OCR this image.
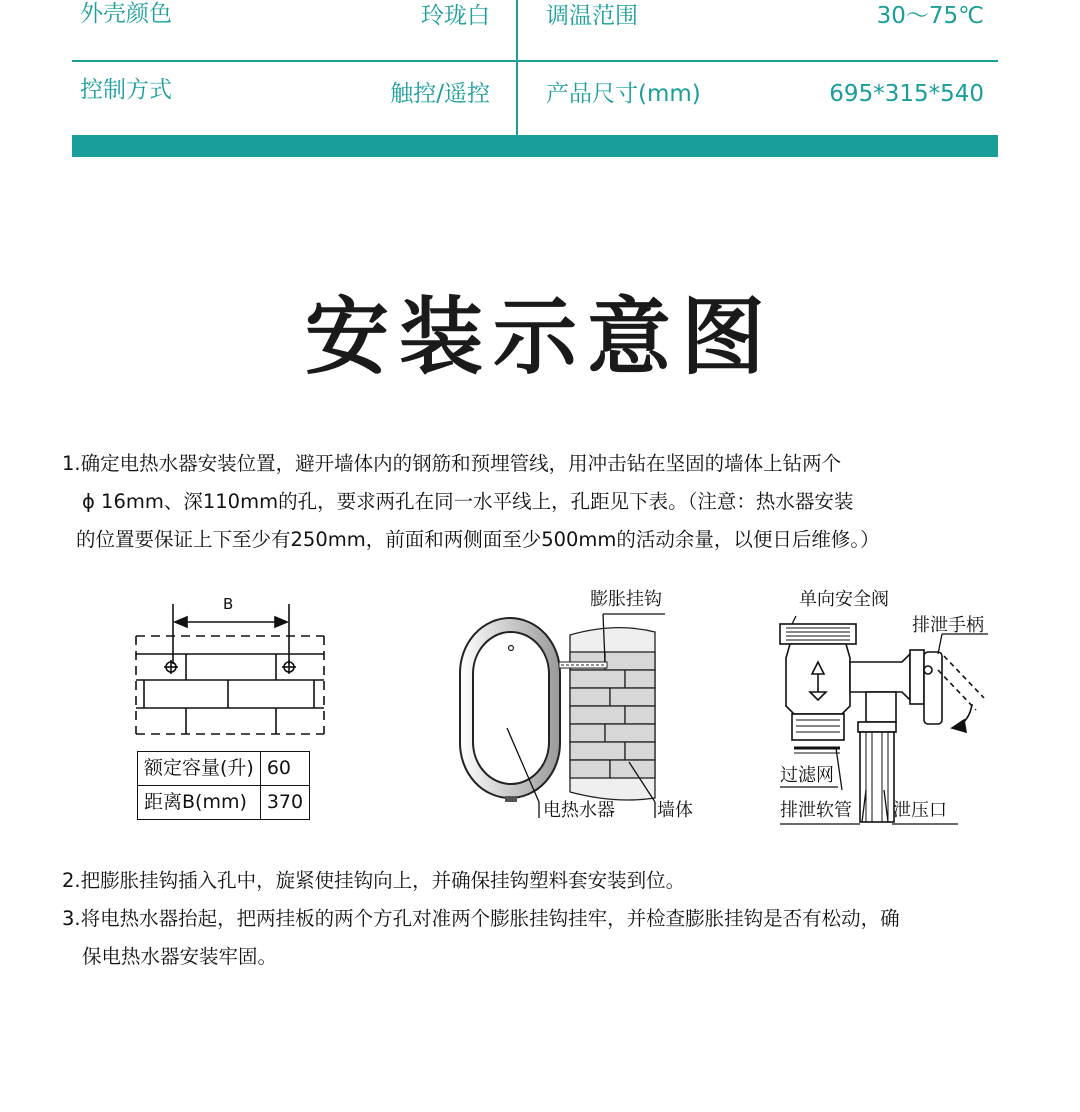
外壳颜色	玲珑白 调温范围	30～75℃
控制方式	触控/遥控 产品尺寸(mm)	695*315*540
安装示意图
1.确定电热水器安装位置，避开墙体内的钢筋和预埋管线，用冲击钻在坚固的墙体上钻两个
ϕ 16mm、深110mm的孔，要求两孔在同一水平线上，孔距见下表。（注意：热水器安装
的位置要保证上下至少有250mm，前面和两侧面至少500mm的活动余量，以便日后维修。）
B
额定容量(升)	60
距离B(mm)	370
膨胀挂钩
电热水器 墙体
单向安全阀
排泄手柄
过滤网
排泄软管 泄压口
2.把膨胀挂钩插入孔中，旋紧使挂钩向上，并确保挂钩塑料套安装到位。
3.将电热水器抬起，把两挂板的两个方孔对准两个膨胀挂钩挂牢，并检查膨胀挂钩是否有松动，确
保电热水器安装牢固。
